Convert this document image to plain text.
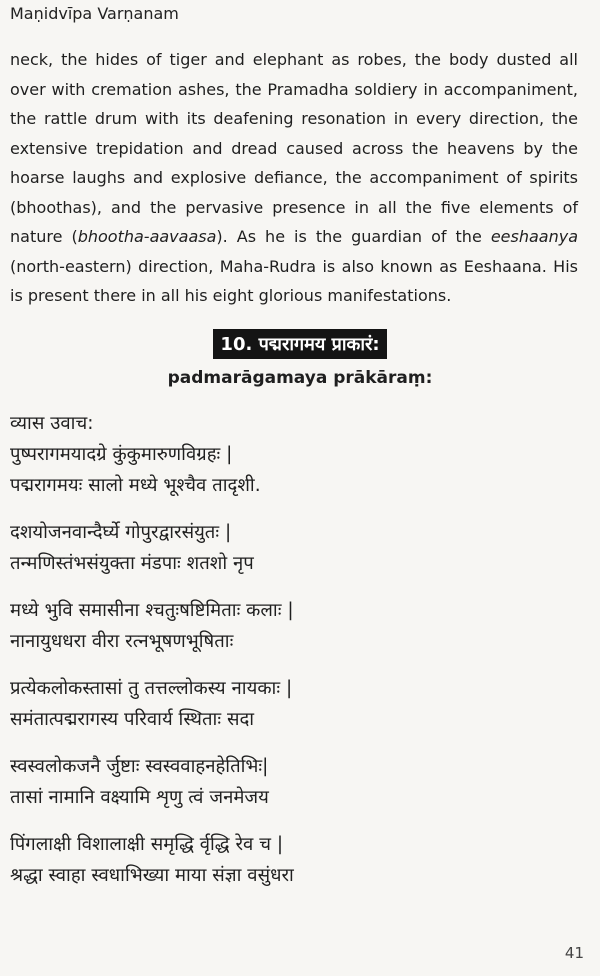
Maṇidvīpa Varṇanam

neck, the hides of tiger and elephant as robes, the body dusted all over with cremation ashes, the Pramadha soldiery in accompaniment, the rattle drum with its deafening resonation in every direction, the extensive trepidation and dread caused across the heavens by the hoarse laughs and explosive defiance, the accompaniment of spirits (bhoothas), and the pervasive presence in all the five elements of nature (bhootha-aavaasa). As he is the guardian of the eeshaanya (north-eastern) direction, Maha-Rudra is also known as Eeshaana. His is present there in all his eight glorious manifestations.

10. पद्मरागमय प्राकारं:
padmarāgamaya prākāraṃ:
व्यास उवाच:
पुष्परागमयादग्रे कुंकुमारुणविग्रहः |
पद्मरागमयः सालो मध्ये भूश्चैव तादृशी.
दशयोजनवान्दैर्घ्ये गोपुरद्वारसंयुतः |
तन्मणिस्तंभसंयुक्ता मंडपाः शतशो नृप
मध्ये भुवि समासीना श्चतुःषष्टिमिताः कलाः |
नानायुधधरा वीरा रत्नभूषणभूषिताः
प्रत्येकलोकस्तासां तु तत्तल्लोकस्य नायकाः |
समंतात्पद्मरागस्य परिवार्य स्थिताः सदा
स्वस्वलोकजनै र्जुष्टाः स्वस्ववाहनहेतिभिः|
तासां नामानि वक्ष्यामि शृणु त्वं जनमेजय
पिंगलाक्षी विशालाक्षी समृद्धि र्वृद्धि रेव च |
श्रद्धा स्वाहा स्वधाभिख्या माया संज्ञा वसुंधरा
41
